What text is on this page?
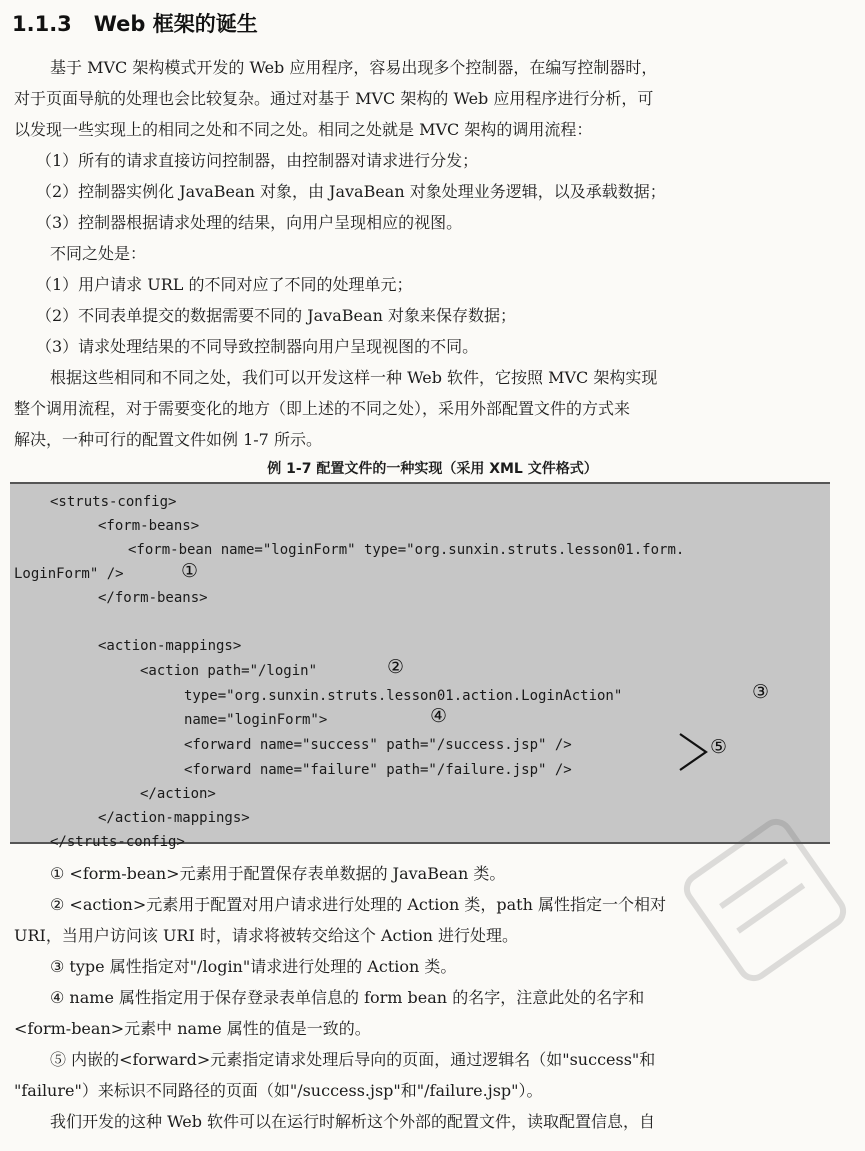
1.1.3 Web 框架的诞生
基于 MVC 架构模式开发的 Web 应用程序，容易出现多个控制器，在编写控制器时，
对于页面导航的处理也会比较复杂。通过对基于 MVC 架构的 Web 应用程序进行分析，可
以发现一些实现上的相同之处和不同之处。相同之处就是 MVC 架构的调用流程：
（1）所有的请求直接访问控制器，由控制器对请求进行分发；
（2）控制器实例化 JavaBean 对象，由 JavaBean 对象处理业务逻辑，以及承载数据；
（3）控制器根据请求处理的结果，向用户呈现相应的视图。
不同之处是：
（1）用户请求 URL 的不同对应了不同的处理单元；
（2）不同表单提交的数据需要不同的 JavaBean 对象来保存数据；
（3）请求处理结果的不同导致控制器向用户呈现视图的不同。
根据这些相同和不同之处，我们可以开发这样一种 Web 软件，它按照 MVC 架构实现
整个调用流程，对于需要变化的地方（即上述的不同之处），采用外部配置文件的方式来
解决，一种可行的配置文件如例 1-7 所示。
例 1-7 配置文件的一种实现（采用 XML 文件格式）
<struts-config>
<form-beans>
<form-bean name="loginForm" type="org.sunxin.struts.lesson01.form.
LoginForm" />	①
</form-beans>
<action-mappings>
<action path="/login"	②
type="org.sunxin.struts.lesson01.action.LoginAction"	③
name="loginForm">	④
<forward name="success" path="/success.jsp" />
<forward name="failure" path="/failure.jsp" />
⑤
</action>
</action-mappings>
</struts-config>
① <form-bean>元素用于配置保存表单数据的 JavaBean 类。
② <action>元素用于配置对用户请求进行处理的 Action 类，path 属性指定一个相对
URI，当用户访问该 URI 时，请求将被转交给这个 Action 进行处理。
③ type 属性指定对"/login"请求进行处理的 Action 类。
④ name 属性指定用于保存登录表单信息的 form bean 的名字，注意此处的名字和
<form-bean>元素中 name 属性的值是一致的。
⑤ 内嵌的<forward>元素指定请求处理后导向的页面，通过逻辑名（如"success"和
"failure"）来标识不同路径的页面（如"/success.jsp"和"/failure.jsp"）。
我们开发的这种 Web 软件可以在运行时解析这个外部的配置文件，读取配置信息，自
